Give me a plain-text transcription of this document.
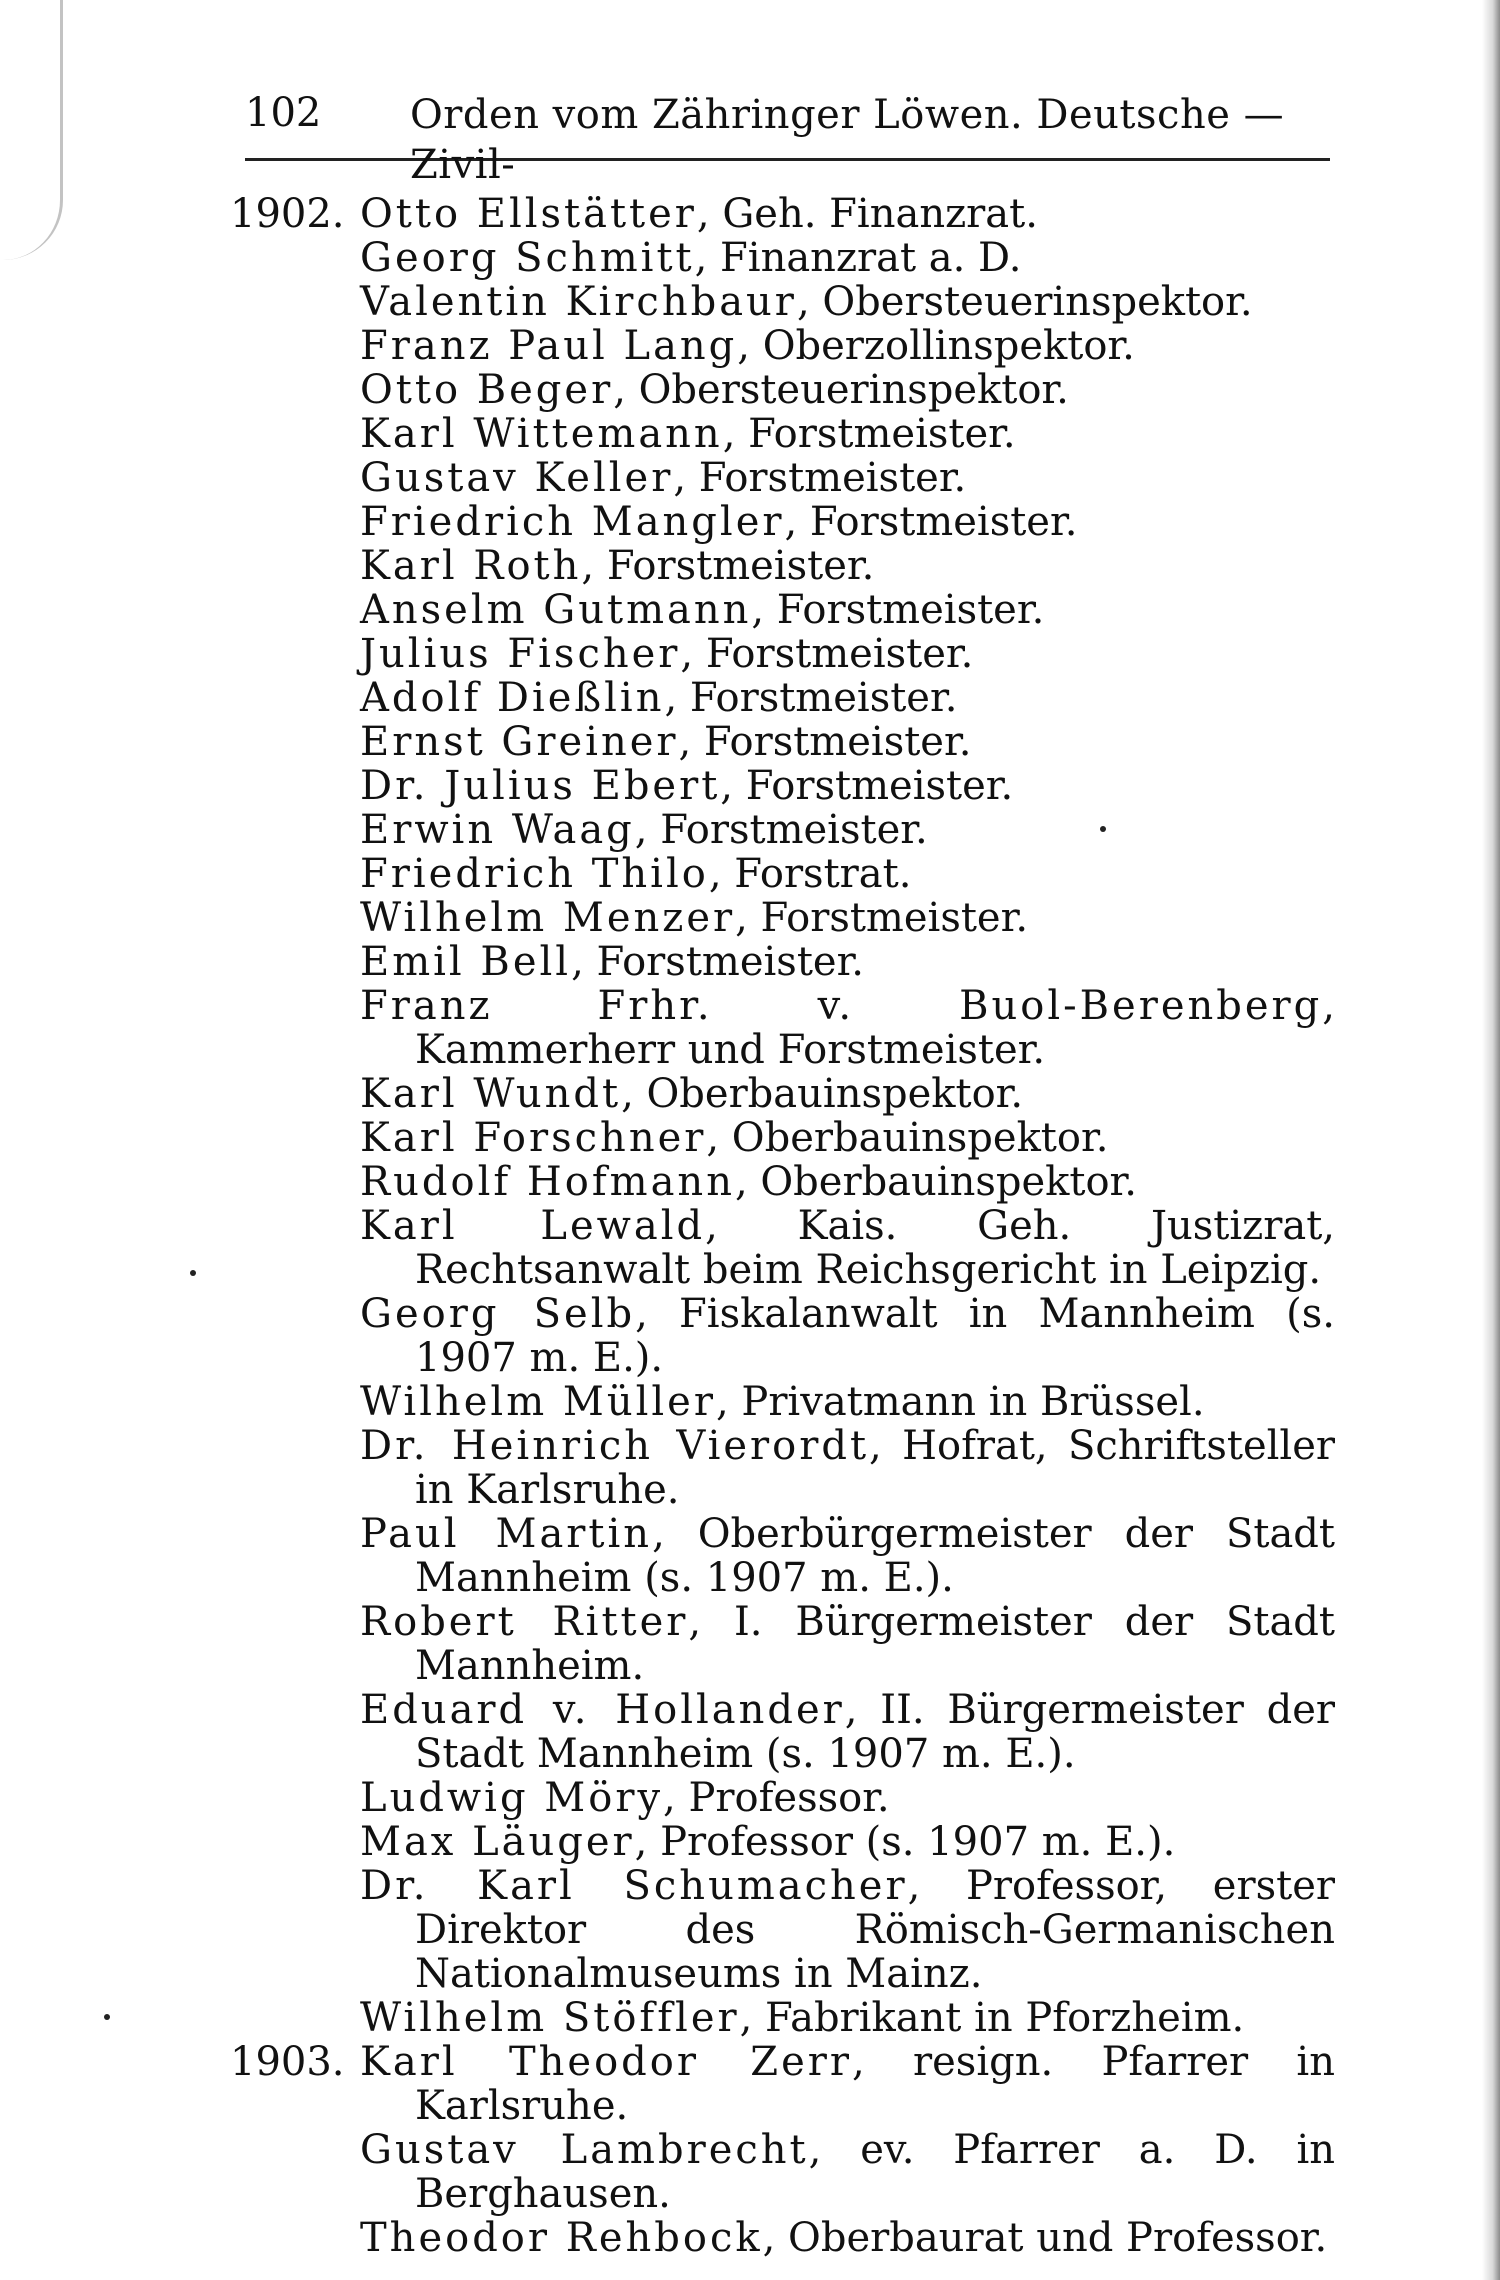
102 Orden vom Zähringer Löwen. Deutsche — Zivil-
1902. Otto Ellstätter, Geh. Finanzrat.
Georg Schmitt, Finanzrat a. D.
Valentin Kirchbaur, Obersteuerinspektor.
Franz Paul Lang, Oberzollinspektor.
Otto Beger, Obersteuerinspektor.
Karl Wittemann, Forstmeister.
Gustav Keller, Forstmeister.
Friedrich Mangler, Forstmeister.
Karl Roth, Forstmeister.
Anselm Gutmann, Forstmeister.
Julius Fischer, Forstmeister.
Adolf Dießlin, Forstmeister.
Ernst Greiner, Forstmeister.
Dr. Julius Ebert, Forstmeister.
Erwin Waag, Forstmeister.
Friedrich Thilo, Forstrat.
Wilhelm Menzer, Forstmeister.
Emil Bell, Forstmeister.
Franz Frhr. v. Buol-Berenberg, Kammerherr und Forstmeister.
Karl Wundt, Oberbauinspektor.
Karl Forschner, Oberbauinspektor.
Rudolf Hofmann, Oberbauinspektor.
Karl Lewald, Kais. Geh. Justizrat, Rechtsanwalt beim Reichsgericht in Leipzig.
Georg Selb, Fiskalanwalt in Mannheim (s. 1907 m. E.).
Wilhelm Müller, Privatmann in Brüssel.
Dr. Heinrich Vierordt, Hofrat, Schriftsteller in Karlsruhe.
Paul Martin, Oberbürgermeister der Stadt Mannheim (s. 1907 m. E.).
Robert Ritter, I. Bürgermeister der Stadt Mannheim.
Eduard v. Hollander, II. Bürgermeister der Stadt Mannheim (s. 1907 m. E.).
Ludwig Möry, Professor.
Max Läuger, Professor (s. 1907 m. E.).
Dr. Karl Schumacher, Professor, erster Direktor des Römisch-Germanischen Nationalmuseums in Mainz.
Wilhelm Stöffler, Fabrikant in Pforzheim.
1903. Karl Theodor Zerr, resign. Pfarrer in Karlsruhe.
Gustav Lambrecht, ev. Pfarrer a. D. in Berghausen.
Theodor Rehbock, Oberbaurat und Professor.
